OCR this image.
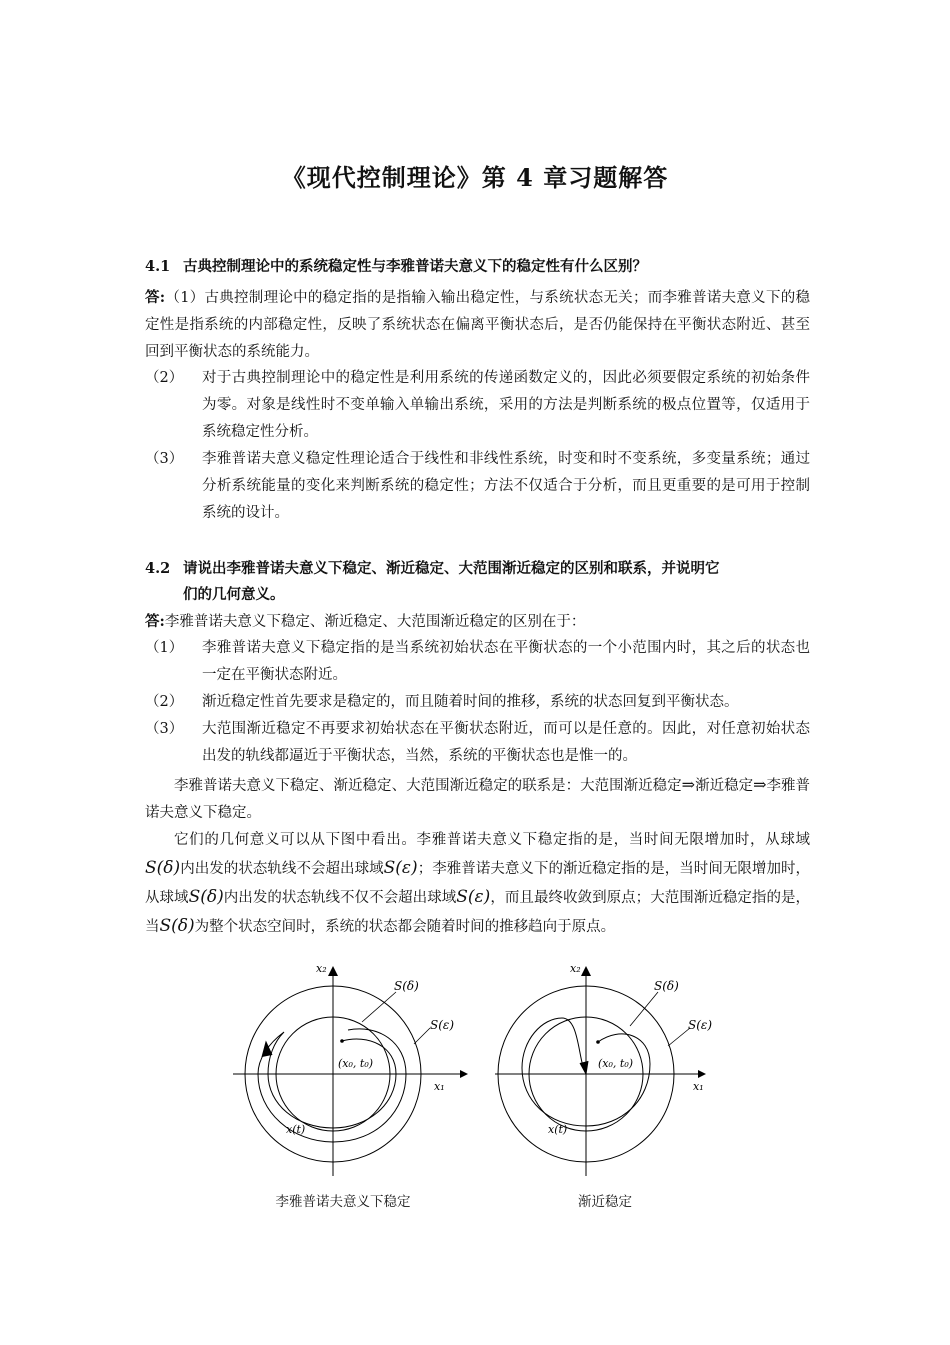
《现代控制理论》第 4 章习题解答
4.1 古典控制理论中的系统稳定性与李雅普诺夫意义下的稳定性有什么区别？
答:（1）古典控制理论中的稳定指的是指输入输出稳定性，与系统状态无关；而李雅普诺夫意义下的稳定性是指系统的内部稳定性，反映了系统状态在偏离平衡状态后，是否仍能保持在平衡状态附近、甚至回到平衡状态的系统能力。
（2） 对于古典控制理论中的稳定性是利用系统的传递函数定义的，因此必须要假定系统的初始条件为零。对象是线性时不变单输入单输出系统，采用的方法是判断系统的极点位置等，仅适用于系统稳定性分析。
（3） 李雅普诺夫意义稳定性理论适合于线性和非线性系统，时变和时不变系统，多变量系统；通过分析系统能量的变化来判断系统的稳定性；方法不仅适合于分析，而且更重要的是可用于控制系统的设计。
4.2 请说出李雅普诺夫意义下稳定、渐近稳定、大范围渐近稳定的区别和联系，并说明它
们的几何意义。
答:李雅普诺夫意义下稳定、渐近稳定、大范围渐近稳定的区别在于：
（1） 李雅普诺夫意义下稳定指的是当系统初始状态在平衡状态的一个小范围内时，其之后的状态也一定在平衡状态附近。
（2） 渐近稳定性首先要求是稳定的，而且随着时间的推移，系统的状态回复到平衡状态。
（3） 大范围渐近稳定不再要求初始状态在平衡状态附近，而可以是任意的。因此，对任意初始状态出发的轨线都逼近于平衡状态，当然，系统的平衡状态也是惟一的。
李雅普诺夫意义下稳定、渐近稳定、大范围渐近稳定的联系是：大范围渐近稳定⇒渐近稳定⇒李雅普诺夫意义下稳定。
它们的几何意义可以从下图中看出。李雅普诺夫意义下稳定指的是，当时间无限增加时，从球域S(δ)内出发的状态轨线不会超出球域S(ε)；李雅普诺夫意义下的渐近稳定指的是，当时间无限增加时，从球域S(δ)内出发的状态轨线不仅不会超出球域S(ε)，而且最终收敛到原点；大范围渐近稳定指的是，当S(δ)为整个状态空间时，系统的状态都会随着时间的推移趋向于原点。
x₂
x₁
S(δ)
S(ε)
(x₀, t₀)
x(t)
李雅普诺夫意义下稳定
x₂
x₁
S(δ)
S(ε)
(x₀, t₀)
x(t)
渐近稳定
